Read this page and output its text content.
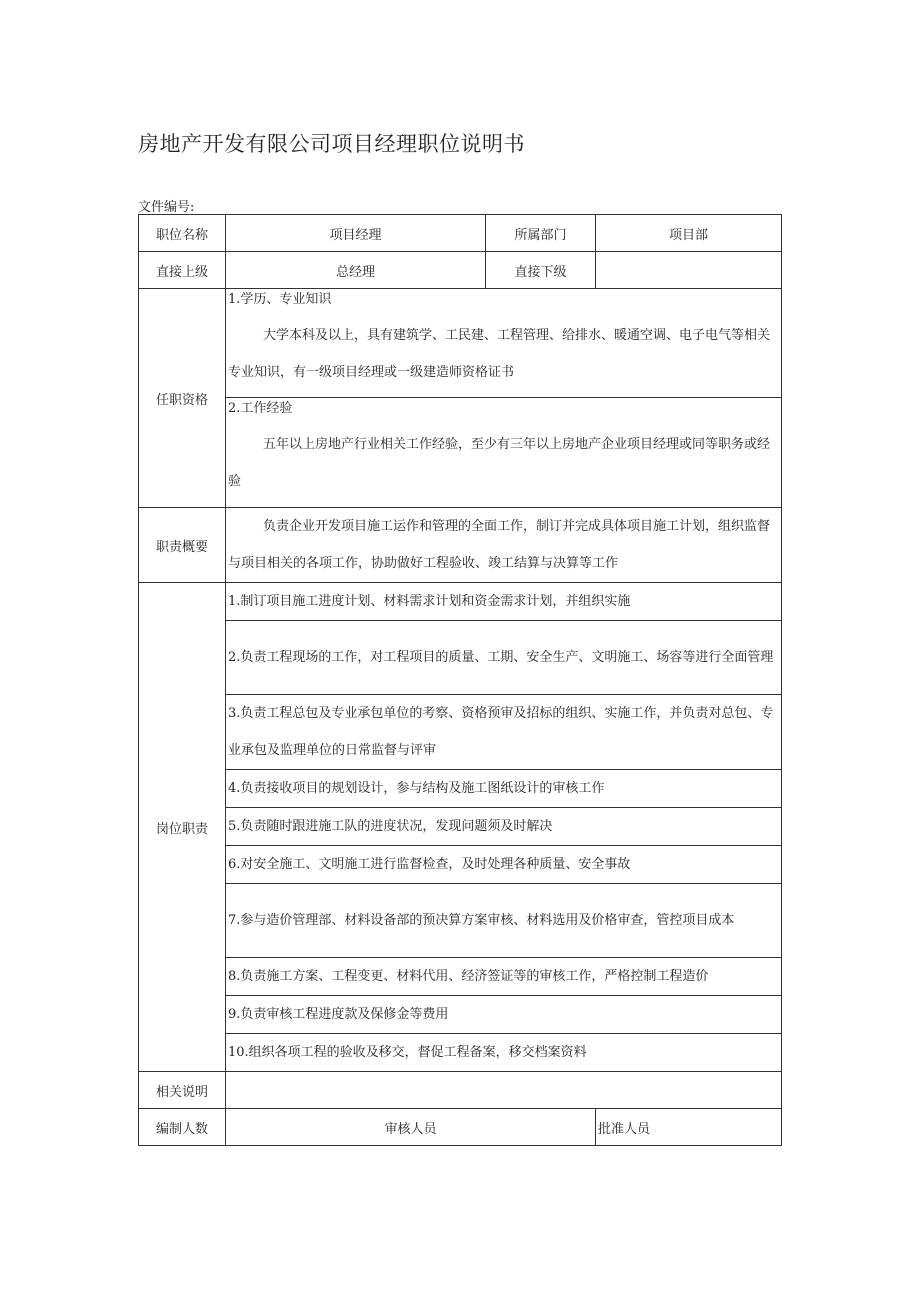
房地产开发有限公司项目经理职位说明书
文件编号:
职位名称	项目经理	所属部门	项目部
直接上级	总经理	直接下级	
任职资格	1.学历、专业知识
大学本科及以上，具有建筑学、工民建、工程管理、给排水、暖通空调、电子电气等相关专业知识，有一级项目经理或一级建造师资格证书		

	2.工作经验
五年以上房地产行业相关工作经验，至少有三年以上房地产企业项目经理或同等职务或经验		

职责概要	负责企业开发项目施工运作和管理的全面工作，制订并完成具体项目施工计划，组织监督与项目相关的各项工作，协助做好工程验收、竣工结算与决算等工作		

岗位职责	1.制订项目施工进度计划、材料需求计划和资金需求计划，并组织实施		

	2.负责工程现场的工作，对工程项目的质量、工期、安全生产、文明施工、场容等进行全面管理		

	3.负责工程总包及专业承包单位的考察、资格预审及招标的组织、实施工作，并负责对总包、专业承包及监理单位的日常监督与评审		

	4.负责接收项目的规划设计，参与结构及施工图纸设计的审核工作		

	5.负责随时跟进施工队的进度状况，发现问题须及时解决		

	6.对安全施工、文明施工进行监督检查，及时处理各种质量、安全事故		

	7.参与造价管理部、材料设备部的预决算方案审核、材料选用及价格审查，管控项目成本		

	8.负责施工方案、工程变更、材料代用、经济签证等的审核工作，严格控制工程造价		

	9.负责审核工程进度款及保修金等费用		

	10.组织各项工程的验收及移交，督促工程备案，移交档案资料		

相关说明			
编制人数	审核人员		批准人员
